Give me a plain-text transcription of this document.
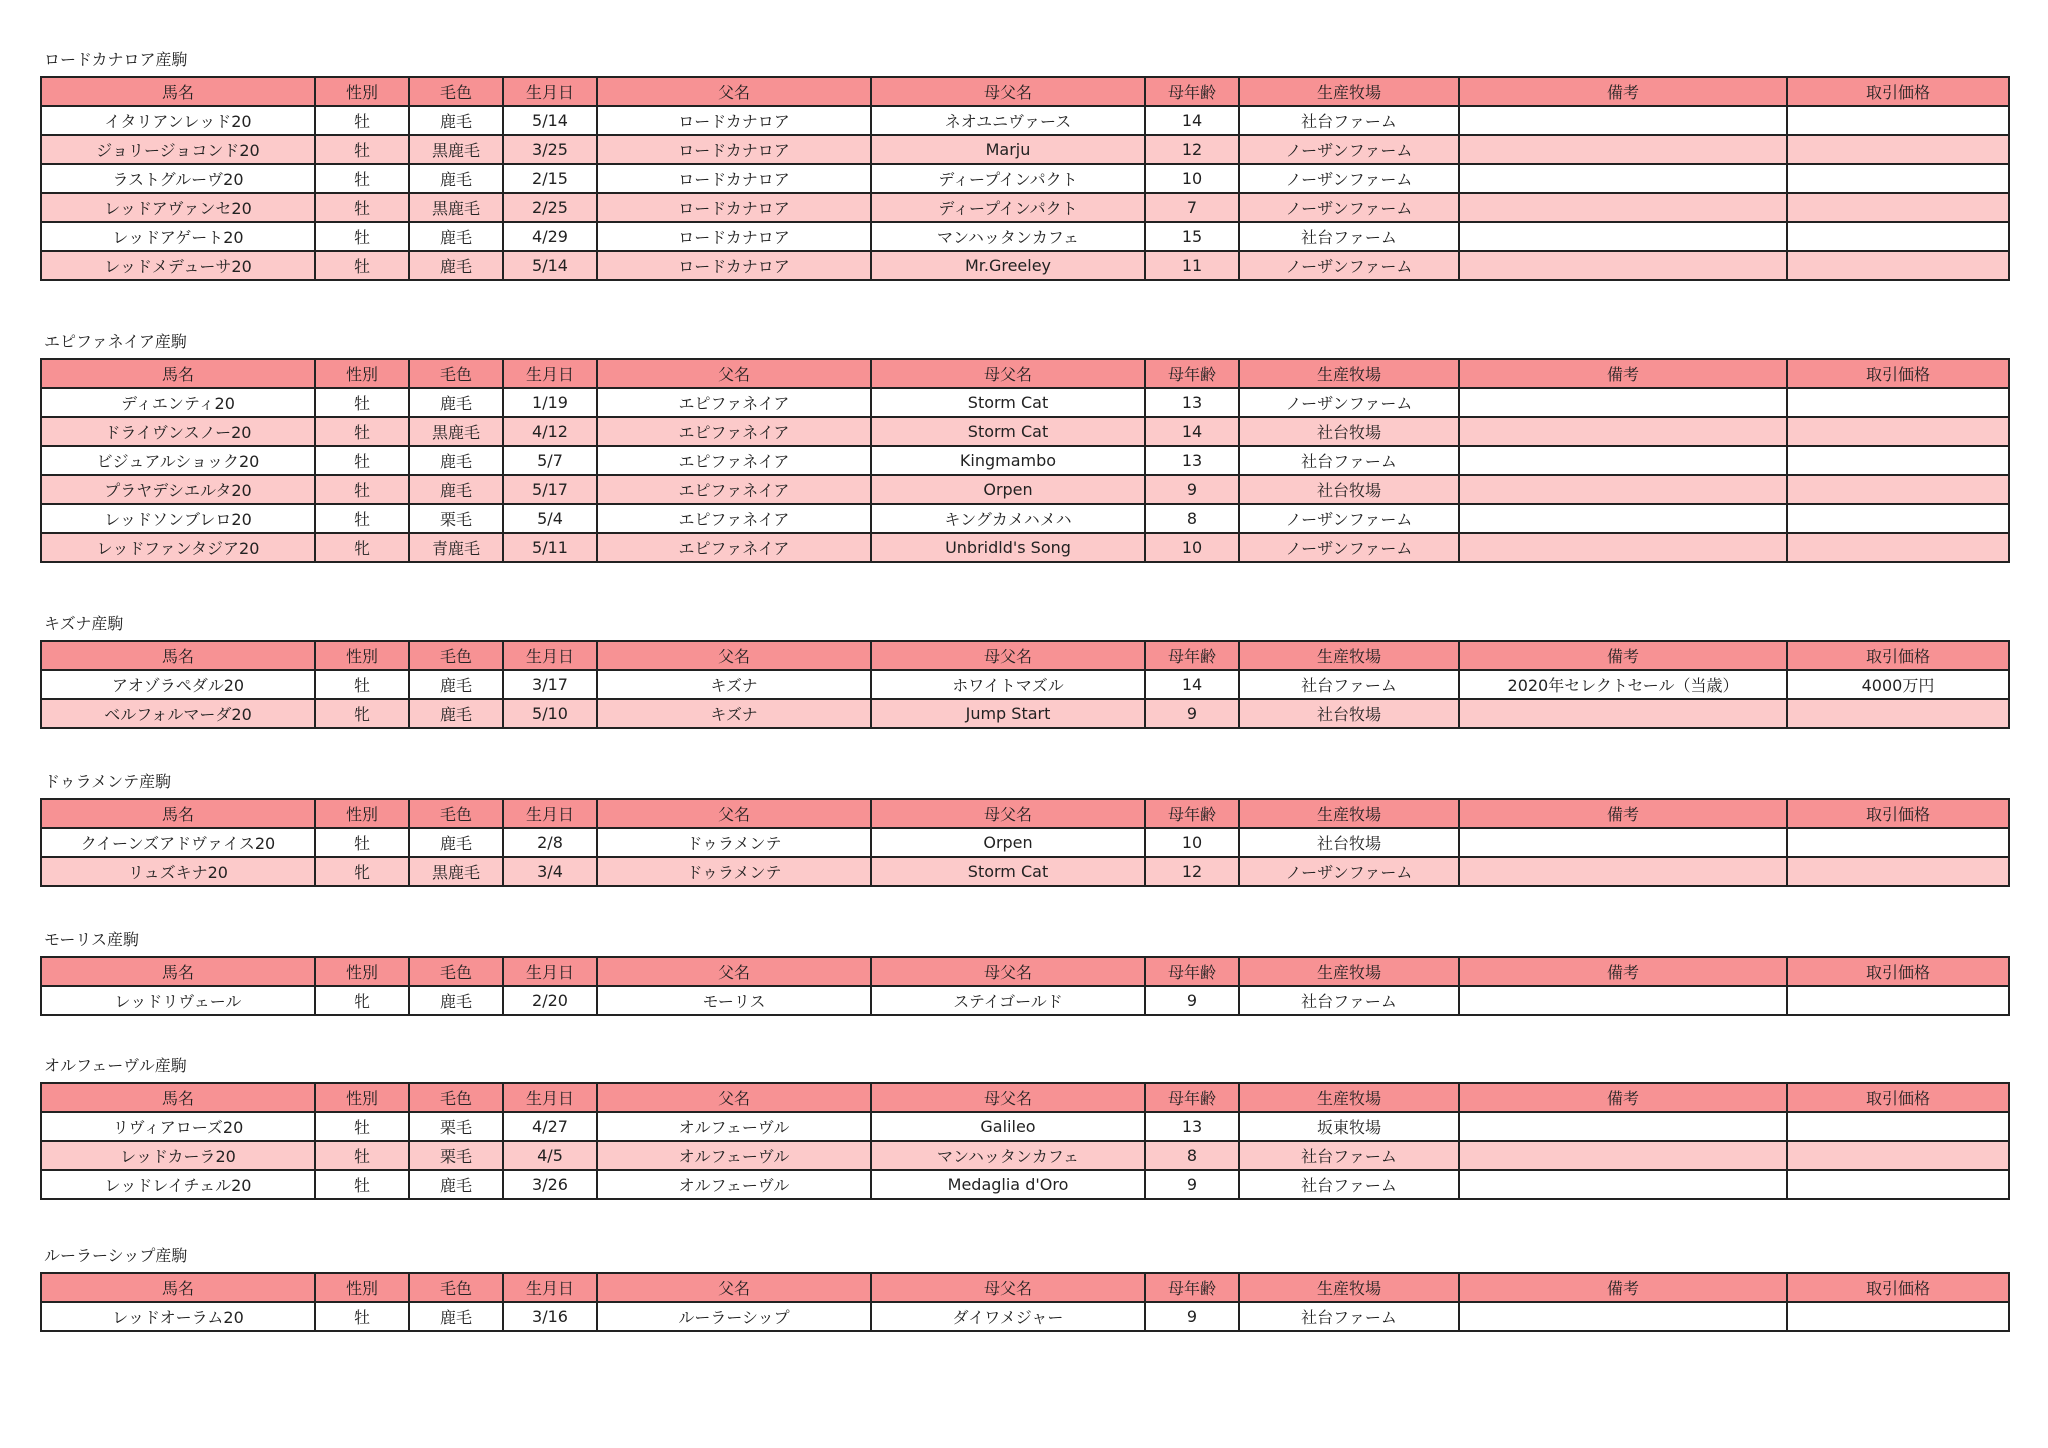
ロードカナロア産駒
馬名	性別	毛色	生月日	父名	母父名	母年齢	生産牧場	備考	取引価格
イタリアンレッド20	牡	鹿毛	5/14	ロードカナロア	ネオユニヴァース	14	社台ファーム		
ジョリージョコンド20	牡	黒鹿毛	3/25	ロードカナロア	Marju	12	ノーザンファーム		
ラストグルーヴ20	牡	鹿毛	2/15	ロードカナロア	ディープインパクト	10	ノーザンファーム		
レッドアヴァンセ20	牡	黒鹿毛	2/25	ロードカナロア	ディープインパクト	7	ノーザンファーム		
レッドアゲート20	牡	鹿毛	4/29	ロードカナロア	マンハッタンカフェ	15	社台ファーム		
レッドメデューサ20	牡	鹿毛	5/14	ロードカナロア	Mr.Greeley	11	ノーザンファーム		
エピファネイア産駒
馬名	性別	毛色	生月日	父名	母父名	母年齢	生産牧場	備考	取引価格
ディエンティ20	牡	鹿毛	1/19	エピファネイア	Storm Cat	13	ノーザンファーム		
ドライヴンスノー20	牡	黒鹿毛	4/12	エピファネイア	Storm Cat	14	社台牧場		
ビジュアルショック20	牡	鹿毛	5/7	エピファネイア	Kingmambo	13	社台ファーム		
プラヤデシエルタ20	牡	鹿毛	5/17	エピファネイア	Orpen	9	社台牧場		
レッドソンブレロ20	牡	栗毛	5/4	エピファネイア	キングカメハメハ	8	ノーザンファーム		
レッドファンタジア20	牝	青鹿毛	5/11	エピファネイア	Unbridld's Song	10	ノーザンファーム		
キズナ産駒
馬名	性別	毛色	生月日	父名	母父名	母年齢	生産牧場	備考	取引価格
アオゾラペダル20	牡	鹿毛	3/17	キズナ	ホワイトマズル	14	社台ファーム	2020年セレクトセール（当歳）	4000万円
ベルフォルマーダ20	牝	鹿毛	5/10	キズナ	Jump Start	9	社台牧場		
ドゥラメンテ産駒
馬名	性別	毛色	生月日	父名	母父名	母年齢	生産牧場	備考	取引価格
クイーンズアドヴァイス20	牡	鹿毛	2/8	ドゥラメンテ	Orpen	10	社台牧場		
リュズキナ20	牝	黒鹿毛	3/4	ドゥラメンテ	Storm Cat	12	ノーザンファーム		
モーリス産駒
馬名	性別	毛色	生月日	父名	母父名	母年齢	生産牧場	備考	取引価格
レッドリヴェール	牝	鹿毛	2/20	モーリス	ステイゴールド	9	社台ファーム		
オルフェーヴル産駒
馬名	性別	毛色	生月日	父名	母父名	母年齢	生産牧場	備考	取引価格
リヴィアローズ20	牡	栗毛	4/27	オルフェーヴル	Galileo	13	坂東牧場		
レッドカーラ20	牡	栗毛	4/5	オルフェーヴル	マンハッタンカフェ	8	社台ファーム		
レッドレイチェル20	牡	鹿毛	3/26	オルフェーヴル	Medaglia d'Oro	9	社台ファーム		
ルーラーシップ産駒
馬名	性別	毛色	生月日	父名	母父名	母年齢	生産牧場	備考	取引価格
レッドオーラム20	牡	鹿毛	3/16	ルーラーシップ	ダイワメジャー	9	社台ファーム		
